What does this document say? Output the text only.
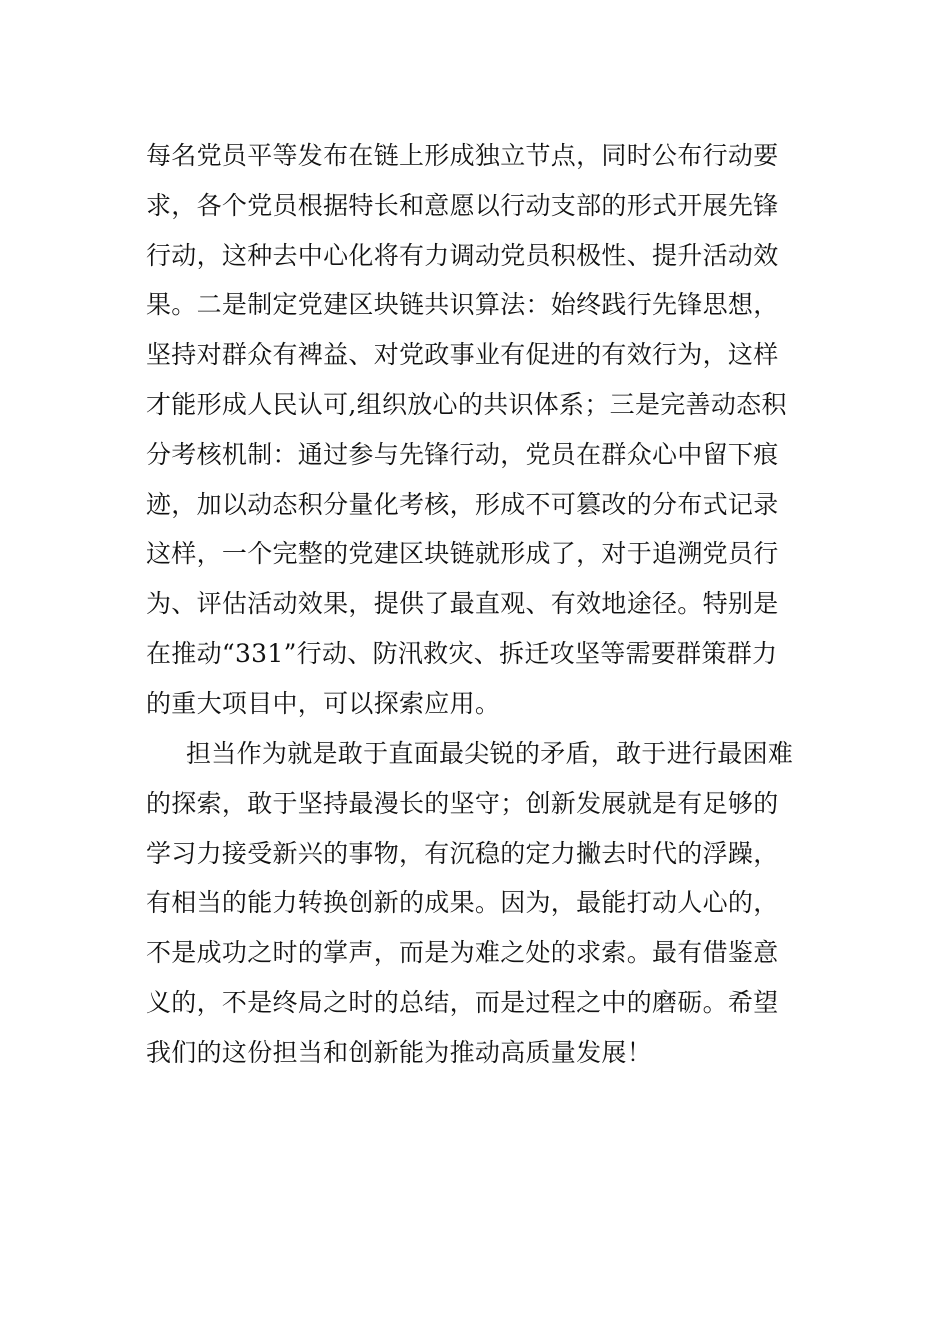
每名党员平等发布在链上形成独立节点，同时公布行动要
求，各个党员根据特长和意愿以行动支部的形式开展先锋
行动，这种去中心化将有力调动党员积极性、提升活动效
果。二是制定党建区块链共识算法：始终践行先锋思想，
坚持对群众有裨益、对党政事业有促进的有效行为，这样
才能形成人民认可,组织放心的共识体系；三是完善动态积
分考核机制：通过参与先锋行动，党员在群众心中留下痕
迹，加以动态积分量化考核，形成不可篡改的分布式记录
这样，一个完整的党建区块链就形成了，对于追溯党员行
为、评估活动效果，提供了最直观、有效地途径。特别是
在推动“331”行动、防汛救灾、拆迁攻坚等需要群策群力
的重大项目中，可以探索应用。
担当作为就是敢于直面最尖锐的矛盾，敢于进行最困难
的探索，敢于坚持最漫长的坚守；创新发展就是有足够的
学习力接受新兴的事物，有沉稳的定力撇去时代的浮躁，
有相当的能力转换创新的成果。因为，最能打动人心的，
不是成功之时的掌声，而是为难之处的求索。最有借鉴意
义的，不是终局之时的总结，而是过程之中的磨砺。希望
我们的这份担当和创新能为推动高质量发展！
